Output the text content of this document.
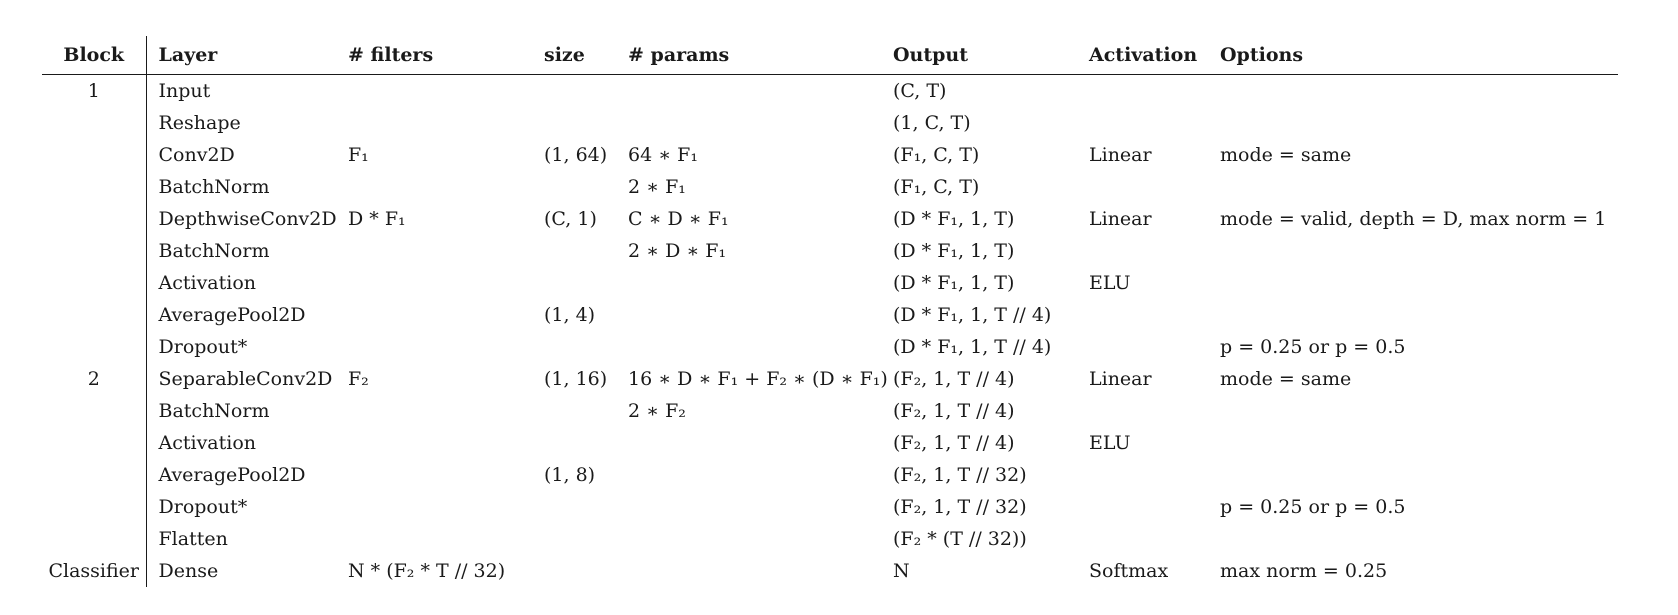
Block	Layer	# filters	size	# params	Output	Activation	Options
1	Input				(C, T)		
	Reshape				(1, C, T)		
	Conv2D	F₁	(1, 64)	64 ∗ F₁	(F₁, C, T)	Linear	mode = same
	BatchNorm			2 ∗ F₁	(F₁, C, T)		
	DepthwiseConv2D	D * F₁	(C, 1)	C ∗ D ∗ F₁	(D * F₁, 1, T)	Linear	mode = valid, depth = D, max norm = 1
	BatchNorm			2 ∗ D ∗ F₁	(D * F₁, 1, T)		
	Activation				(D * F₁, 1, T)	ELU	
	AveragePool2D		(1, 4)		(D * F₁, 1, T // 4)		
	Dropout*				(D * F₁, 1, T // 4)		p = 0.25 or p = 0.5
2	SeparableConv2D	F₂	(1, 16)	16 ∗ D ∗ F₁ + F₂ ∗ (D ∗ F₁)	(F₂, 1, T // 4)	Linear	mode = same
	BatchNorm			2 ∗ F₂	(F₂, 1, T // 4)		
	Activation				(F₂, 1, T // 4)	ELU	
	AveragePool2D		(1, 8)		(F₂, 1, T // 32)		
	Dropout*				(F₂, 1, T // 32)		p = 0.25 or p = 0.5
	Flatten				(F₂ * (T // 32))		
Classifier	Dense	N * (F₂ * T // 32)			N	Softmax	max norm = 0.25
